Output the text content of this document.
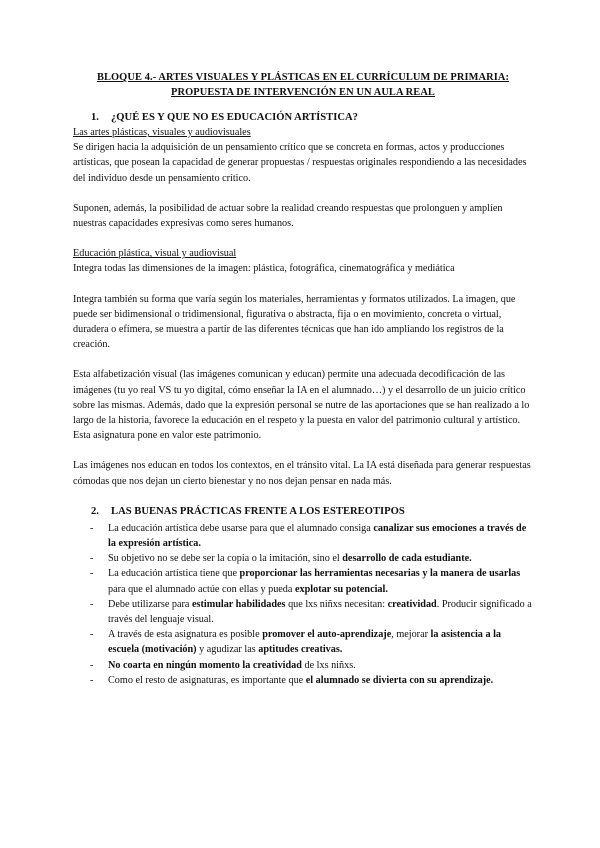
BLOQUE 4.- ARTES VISUALES Y PLÁSTICAS EN EL CURRÍCULUM DE PRIMARIA:
PROPUESTA DE INTERVENCIÓN EN UN AULA REAL
1. ¿QUÉ ES Y QUE NO ES EDUCACIÓN ARTÍSTICA?
Las artes plásticas, visuales y audiovisuales

Se dirigen hacia la adquisición de un pensamiento crítico que se concreta en formas, actos y producciones artísticas, que posean la capacidad de generar propuestas / respuestas originales respondiendo a las necesidades del individuo desde un pensamiento crítico.

Suponen, además, la posibilidad de actuar sobre la realidad creando respuestas que prolonguen y amplíen nuestras capacidades expresivas como seres humanos.

Educación plástica, visual y audiovisual

Integra todas las dimensiones de la imagen: plástica, fotográfica, cinematográfica y mediática

Integra también su forma que varía según los materiales, herramientas y formatos utilizados. La imagen, que puede ser bidimensional o tridimensional, figurativa o abstracta, fija o en movimiento, concreta o virtual, duradera o efímera, se muestra a partir de las diferentes técnicas que han ido ampliando los registros de la creación.

Esta alfabetización visual (las imágenes comunican y educan) permite una adecuada decodificación de las imágenes (tu yo real VS tu yo digital, cómo enseñar la IA en el alumnado…) y el desarrollo de un juicio crítico sobre las mismas. Además, dado que la expresión personal se nutre de las aportaciones que se han realizado a lo largo de la historia, favorece la educación en el respeto y la puesta en valor del patrimonio cultural y artístico. Esta asignatura pone en valor este patrimonio.

Las imágenes nos educan en todos los contextos, en el tránsito vital. La IA está diseñada para generar respuestas cómodas que nos dejan un cierto bienestar y no nos dejan pensar en nada más.

2. LAS BUENAS PRÁCTICAS FRENTE A LOS ESTEREOTIPOS
- La educación artística debe usarse para que el alumnado consiga canalizar sus emociones a través de la expresión artística.
- Su objetivo no se debe ser la copia o la imitación, sino el desarrollo de cada estudiante.
- La educación artística tiene que proporcionar las herramientas necesarias y la manera de usarlas para que el alumnado actúe con ellas y pueda explotar su potencial.
- Debe utilizarse para estimular habilidades que lxs niñxs necesitan: creatividad. Producir significado a través del lenguaje visual.
- A través de esta asignatura es posible promover el auto-aprendizaje, mejorar la asistencia a la escuela (motivación) y agudizar las aptitudes creativas.
- No coarta en ningún momento la creatividad de lxs niñxs.
- Como el resto de asignaturas, es importante que el alumnado se divierta con su aprendizaje.
